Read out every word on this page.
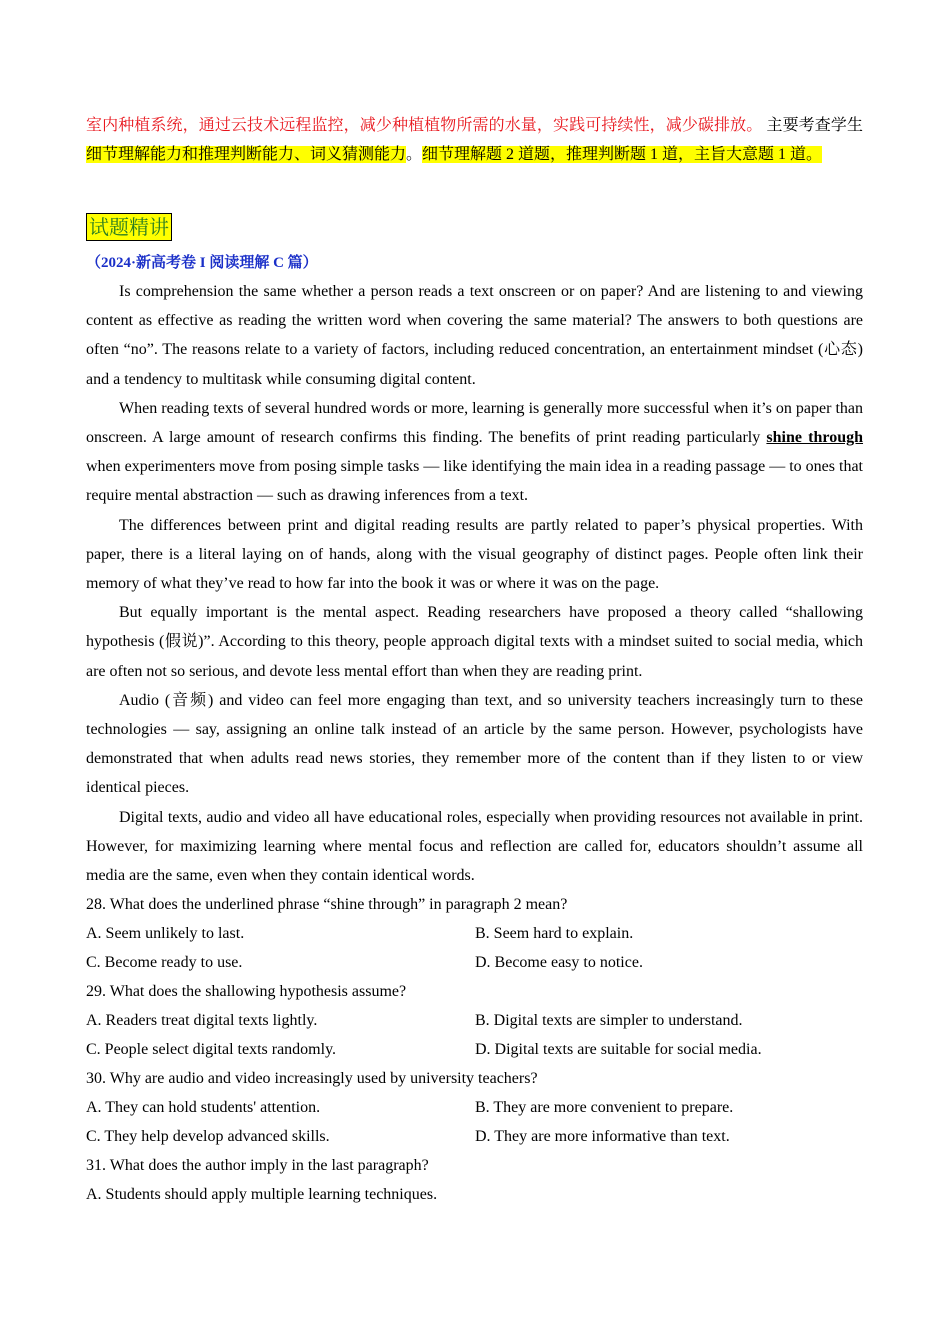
室内种植系统，通过云技术远程监控，减少种植植物所需的水量，实践可持续性，减少碳排放。 主要考查学生细节理解能力和推理判断能力、词义猜测能力。细节理解题 2 道题，推理判断题 1 道，主旨大意题 1 道。

试题精讲
（2024·新高考卷 I 阅读理解 C 篇）

Is comprehension the same whether a person reads a text onscreen or on paper? And are listening to and viewing content as effective as reading the written word when covering the same material? The answers to both questions are often “no”. The reasons relate to a variety of factors, including reduced concentration, an entertainment mindset (心态) and a tendency to multitask while consuming digital content.

When reading texts of several hundred words or more, learning is generally more successful when it’s on paper than onscreen. A large amount of research confirms this finding. The benefits of print reading particularly shine through when experimenters move from posing simple tasks — like identifying the main idea in a reading passage — to ones that require mental abstraction — such as drawing inferences from a text.

The differences between print and digital reading results are partly related to paper’s physical properties. With paper, there is a literal laying on of hands, along with the visual geography of distinct pages. People often link their memory of what they’ve read to how far into the book it was or where it was on the page.

But equally important is the mental aspect. Reading researchers have proposed a theory called “shallowing hypothesis (假说)”. According to this theory, people approach digital texts with a mindset suited to social media, which are often not so serious, and devote less mental effort than when they are reading print.

Audio (音频) and video can feel more engaging than text, and so university teachers increasingly turn to these technologies — say, assigning an online talk instead of an article by the same person. However, psychologists have demonstrated that when adults read news stories, they remember more of the content than if they listen to or view identical pieces.

Digital texts, audio and video all have educational roles, especially when providing resources not available in print. However, for maximizing learning where mental focus and reflection are called for, educators shouldn’t assume all media are the same, even when they contain identical words.

28. What does the underlined phrase “shine through” in paragraph 2 mean?

A. Seem unlikely to last.	B. Seem hard to explain.
C. Become ready to use.	D. Become easy to notice.

29. What does the shallowing hypothesis assume?

A. Readers treat digital texts lightly.	B. Digital texts are simpler to understand.
C. People select digital texts randomly.	D. Digital texts are suitable for social media.

30. Why are audio and video increasingly used by university teachers?

A. They can hold students' attention.	B. They are more convenient to prepare.
C. They help develop advanced skills.	D. They are more informative than text.

31. What does the author imply in the last paragraph?

A. Students should apply multiple learning techniques.
